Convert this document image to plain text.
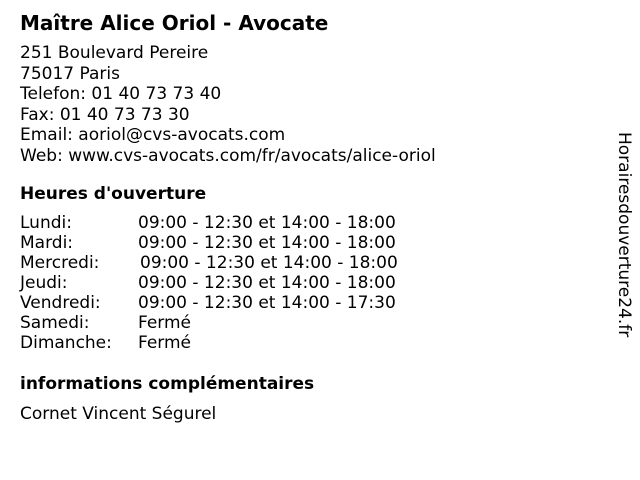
Maître Alice Oriol - Avocate
251 Boulevard Pereire
75017 Paris
Telefon: 01 40 73 73 40
Fax: 01 40 73 73 30
Email: aoriol@cvs-avocats.com
Web: www.cvs-avocats.com/fr/avocats/alice-oriol
Heures d'ouverture
Lundi:	09:00 - 12:30 et 14:00 - 18:00
Mardi:	09:00 - 12:30 et 14:00 - 18:00
Mercredi: 09:00 - 12:30 et 14:00 - 18:00
Jeudi:	09:00 - 12:30 et 14:00 - 18:00
Vendredi: 09:00 - 12:30 et 14:00 - 17:30
Samedi:	Fermé
Dimanche: Fermé
informations complémentaires
Cornet Vincent Ségurel
Horairesdouverture24.fr
